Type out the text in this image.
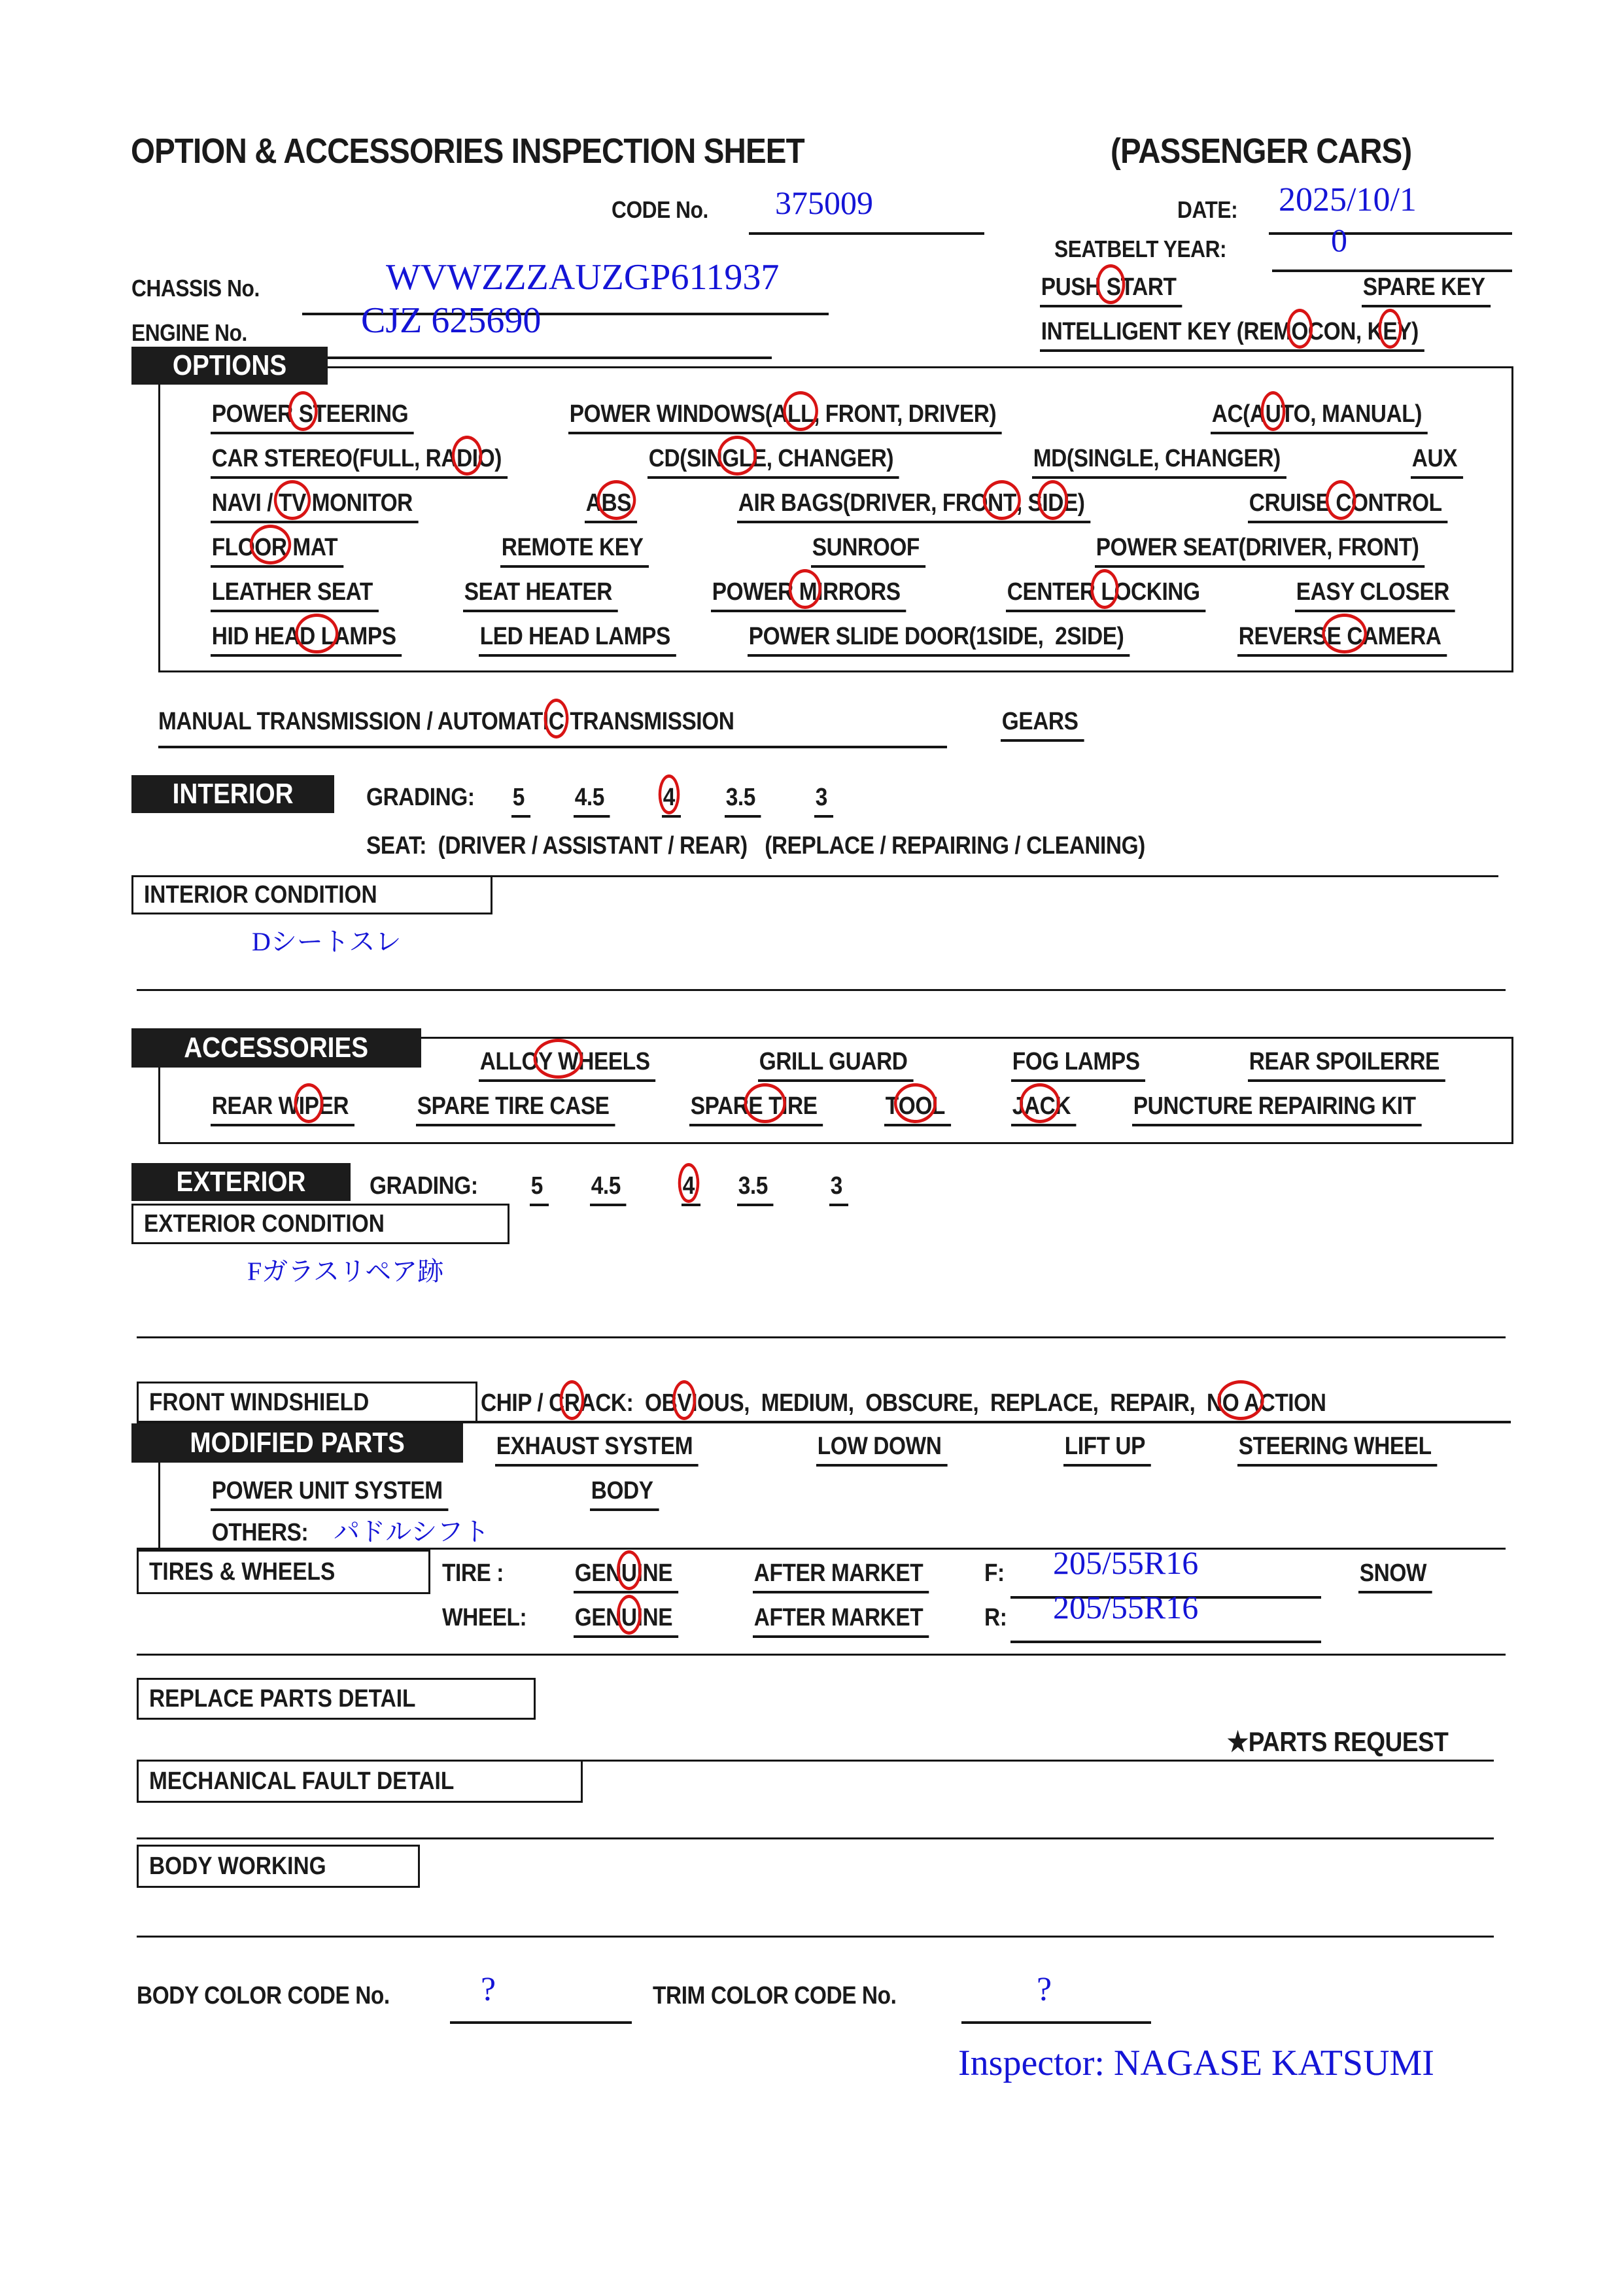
OPTION & ACCESSORIES INSPECTION SHEET	(PASSENGER CARS)
CODE No.	375009	DATE: 2025/10/1
SEATBELT YEAR:	0
CHASSIS No.	WVWZZZAUZGP611937	PUSH START	SPARE KEY
ENGINE No.	CJZ 625690	INTELLIGENT KEY (REMOCON, KEY)
OPTIONS
POWER STEERING	POWER WINDOWS(ALL, FRONT, DRIVER)	AC(AUTO, MANUAL)
CAR STEREO(FULL, RADIO)	CD(SINGLE, CHANGER)	MD(SINGLE, CHANGER)	AUX
NAVI / TV MONITOR	ABS	AIR BAGS(DRIVER, FRONT, SIDE)	CRUISE CONTROL
FLOOR MAT	REMOTE KEY	SUNROOF	POWER SEAT(DRIVER, FRONT)
LEATHER SEAT	SEAT HEATER	POWER MIRRORS	CENTER LOCKING	EASY CLOSER
HID HEAD LAMPS	LED HEAD LAMPS	POWER SLIDE DOOR(1SIDE,  2SIDE)	REVERSE CAMERA
MANUAL TRANSMISSION / AUTOMATIC TRANSMISSION	GEARS
INTERIOR	GRADING:	5	4.5	4	3.5	3
SEAT:  (DRIVER / ASSISTANT / REAR)   (REPLACE / REPAIRING / CLEANING)
INTERIOR CONDITION
Dシートスレ
ACCESSORIES	ALLOY WHEELS	GRILL GUARD	FOG LAMPS	REAR SPOILERRE
REAR WIPER	SPARE TIRE CASE	SPARE TIRE	TOOL	JACK	PUNCTURE REPAIRING KIT
EXTERIOR	GRADING:	5	4.5	4	3.5	3
EXTERIOR CONDITION
Fガラスリペア跡
FRONT WINDSHIELD	CHIP / CRACK:  OBVIOUS,  MEDIUM,  OBSCURE,  REPLACE,  REPAIR,  NO ACTION
MODIFIED PARTS	EXHAUST SYSTEM	LOW DOWN	LIFT UP	STEERING WHEEL
POWER UNIT SYSTEM	BODY
OTHERS: パドルシフト
TIRES & WHEELS	TIRE :	GENUINE	AFTER MARKET	F: 205/55R16	SNOW
WHEEL:	GENUINE	AFTER MARKET	R: 205/55R16
REPLACE PARTS DETAIL
★PARTS REQUEST
MECHANICAL FAULT DETAIL
BODY WORKING
BODY COLOR CODE No.	?	TRIM COLOR CODE No.	?
Inspector: NAGASE KATSUMI
